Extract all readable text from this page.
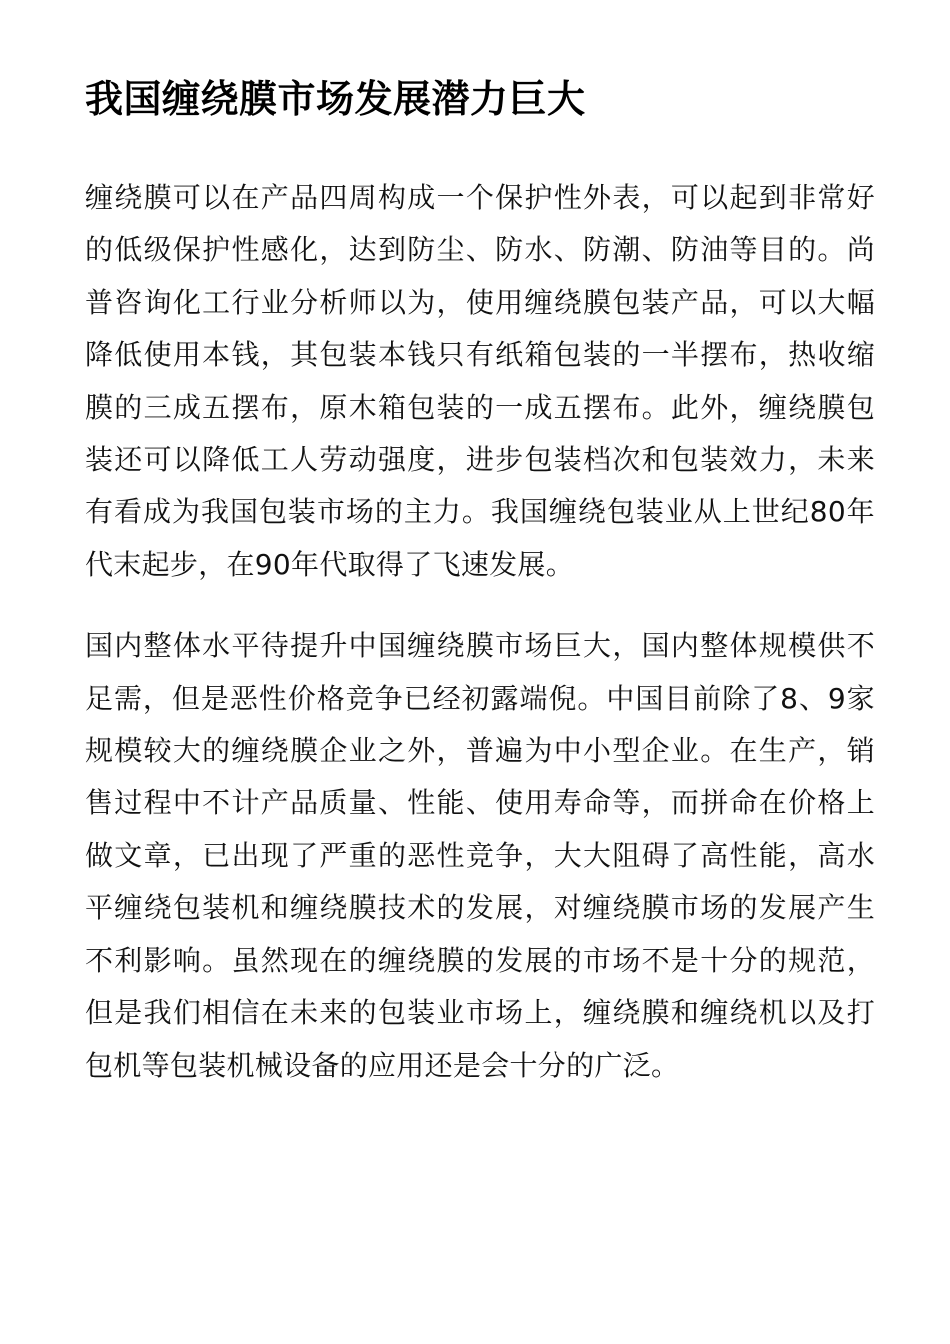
我国缠绕膜市场发展潜力巨大

缠绕膜可以在产品四周构成一个保护性外表，可以起到非常好的低级保护性感化，达到防尘、防水、防潮、防油等目的。尚普咨询化工行业分析师以为，使用缠绕膜包装产品，可以大幅降低使用本钱，其包装本钱只有纸箱包装的一半摆布，热收缩膜的三成五摆布，原木箱包装的一成五摆布。此外，缠绕膜包装还可以降低工人劳动强度，进步包装档次和包装效力，未来有看成为我国包装市场的主力。我国缠绕包装业从上世纪80年代末起步，在90年代取得了飞速发展。

国内整体水平待提升中国缠绕膜市场巨大，国内整体规模供不足需，但是恶性价格竞争已经初露端倪。中国目前除了8、9家规模较大的缠绕膜企业之外，普遍为中小型企业。在生产，销售过程中不计产品质量、性能、使用寿命等，而拼命在价格上做文章，已出现了严重的恶性竞争，大大阻碍了高性能，高水平缠绕包装机和缠绕膜技术的发展，对缠绕膜市场的发展产生不利影响。虽然现在的缠绕膜的发展的市场不是十分的规范，但是我们相信在未来的包装业市场上，缠绕膜和缠绕机以及打包机等包装机械设备的应用还是会十分的广泛。
